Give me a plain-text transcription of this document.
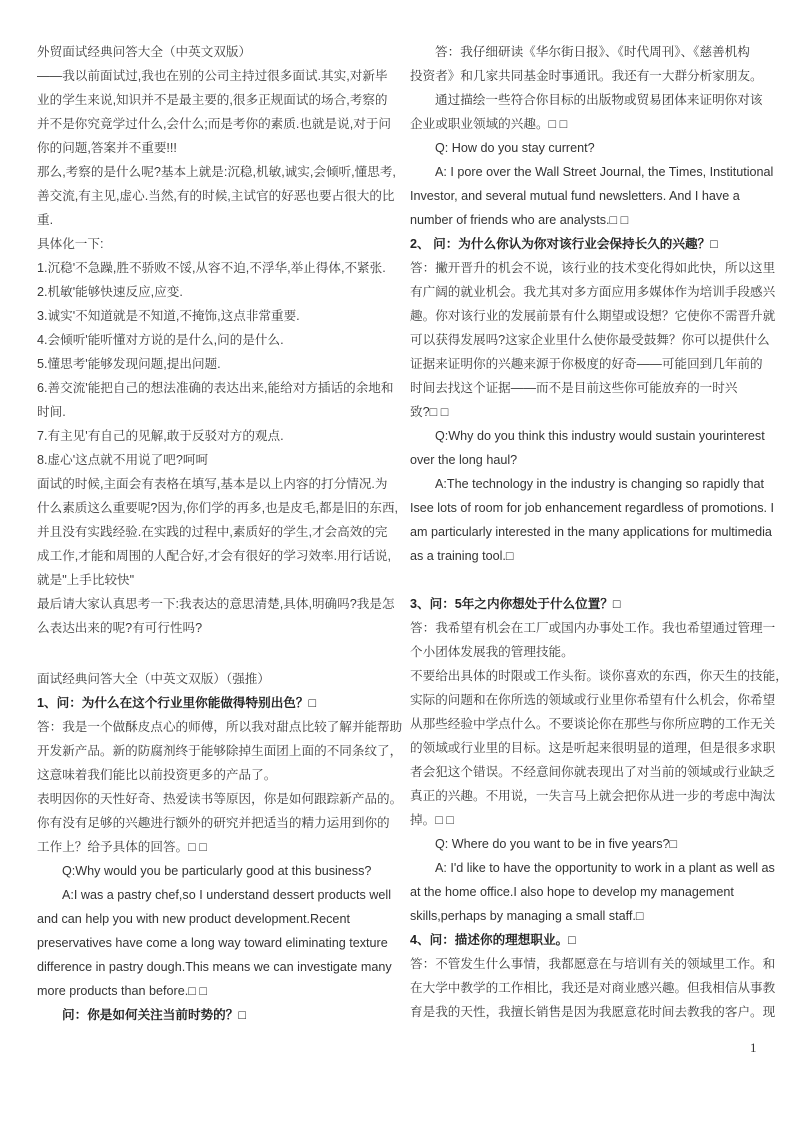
外贸面试经典问答大全（中英文双版）
——我以前面试过,我也在别的公司主持过很多面试.其实,对新毕
业的学生来说,知识并不是最主要的,很多正规面试的场合,考察的
并不是你究竟学过什么,会什么;而是考你的素质.也就是说,对于问
你的问题,答案并不重要!!!
那么,考察的是什么呢?基本上就是:沉稳,机敏,诚实,会倾听,懂思考,
善交流,有主见,虚心.当然,有的时候,主试官的好恶也要占很大的比
重.
具体化一下:
1.沉稳'不急躁,胜不骄败不馁,从容不迫,不浮华,举止得体,不紧张.
2.机敏'能够快速反应,应变.
3.诚实'不知道就是不知道,不掩饰,这点非常重要.
4.会倾听'能听懂对方说的是什么,问的是什么.
5.懂思考'能够发现问题,提出问题.
6.善交流'能把自己的想法准确的表达出来,能给对方插话的余地和
时间.
7.有主见'有自己的见解,敢于反驳对方的观点.
8.虚心'这点就不用说了吧?呵呵
面试的时候,主面会有表格在填写,基本是以上内容的打分情况.为
什么素质这么重要呢?因为,你们学的再多,也是皮毛,都是旧的东西,
并且没有实践经验.在实践的过程中,素质好的学生,才会高效的完
成工作,才能和周围的人配合好,才会有很好的学习效率.用行话说,
就是"上手比较快"
最后请大家认真思考一下:我表达的意思清楚,具体,明确吗?我是怎
么表达出来的呢?有可行性吗?
面试经典问答大全（中英文双版）（强推）
1、问：为什么在这个行业里你能做得特别出色？□
答：我是一个做酥皮点心的师傅，所以我对甜点比较了解并能帮助
开发新产品。新的防腐剂终于能够除掉生面团上面的不同条纹了，
这意味着我们能比以前投资更多的产品了。
表明因你的天性好奇、热爱读书等原因，你是如何跟踪新产品的。
你有没有足够的兴趣进行额外的研究并把适当的精力运用到你的
工作上？给予具体的回答。□ □
Q:Why would you be particularly good at this business?
A:I was a pastry chef,so I understand dessert products well
and can help you with new product development.Recent
preservatives have come a long way toward eliminating texture
difference in pastry dough.This means we can investigate many
more products than before.□ □
问：你是如何关注当前时势的？□
答：我仔细研读《华尔街日报》、《时代周刊》、《慈善机构
投资者》和几家共同基金时事通讯。我还有一大群分析家朋友。
通过描绘一些符合你目标的出版物或贸易团体来证明你对该
企业或职业领域的兴趣。□ □
Q: How do you stay current?
A: I pore over the Wall Street Journal, the Times, Institutional
Investor, and several mutual fund newsletters. And I have a
number of friends who are analysts.□ □
2、 问：为什么你认为你对该行业会保持长久的兴趣？□
答：撇开晋升的机会不说，该行业的技术变化得如此快，所以这里
有广阔的就业机会。我尤其对多方面应用多媒体作为培训手段感兴
趣。你对该行业的发展前景有什么期望或设想？它使你不需晋升就
可以获得发展吗?这家企业里什么使你最受鼓舞？你可以提供什么
证据来证明你的兴趣来源于你极度的好奇——可能回到几年前的
时间去找这个证据——而不是目前这些你可能放弃的一时兴
致?□ □
Q:Why do you think this industry would sustain yourinterest
over the long haul?
A:The technology in the industry is changing so rapidly that
Isee lots of room for job enhancement regardless of promotions. I
am particularly interested in the many applications for multimedia
as a training tool.□
3、问：5年之内你想处于什么位置？□
答：我希望有机会在工厂或国内办事处工作。我也希望通过管理一
个小团体发展我的管理技能。
不要给出具体的时限或工作头衔。谈你喜欢的东西，你天生的技能，
实际的问题和在你所选的领域或行业里你希望有什么机会，你希望
从那些经验中学点什么。不要谈论你在那些与你所应聘的工作无关
的领域或行业里的目标。这是听起来很明显的道理，但是很多求职
者会犯这个错误。不经意间你就表现出了对当前的领域或行业缺乏
真正的兴趣。不用说，一失言马上就会把你从进一步的考虑中淘汰
掉。□ □
Q: Where do you want to be in five years?□
A: I'd like to have the opportunity to work in a plant as well as
at the home office.I also hope to develop my management
skills,perhaps by managing a small staff.□
4、问：描述你的理想职业。□
答：不管发生什么事情，我都愿意在与培训有关的领域里工作。和
在大学中教学的工作相比，我还是对商业感兴趣。但我相信从事教
育是我的天性，我擅长销售是因为我愿意花时间去教我的客户。现
1
